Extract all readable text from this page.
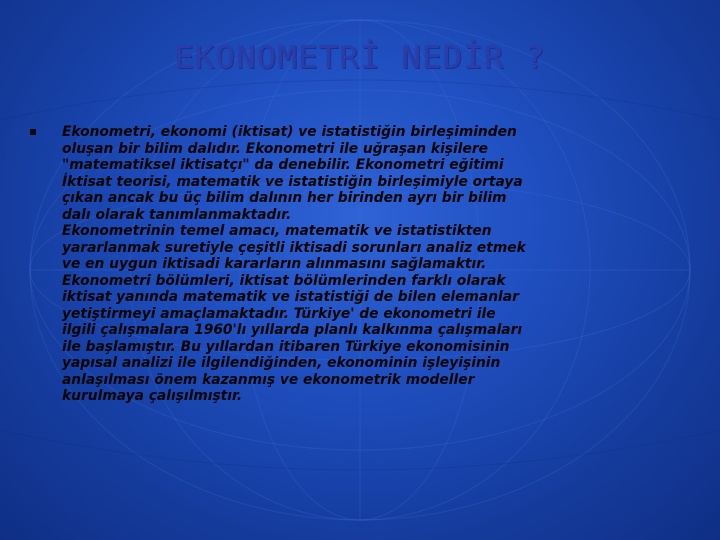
EKONOMETRİ NEDİR ?

Ekonometri, ekonomi (iktisat) ve istatistiğin birleşiminden
oluşan bir bilim dalıdır. Ekonometri ile uğraşan kişilere
"matematiksel iktisatçı" da denebilir. Ekonometri eğitimi
İktisat teorisi, matematik ve istatistiğin birleşimiyle ortaya
çıkan ancak bu üç bilim dalının her birinden ayrı bir bilim
dalı olarak tanımlanmaktadır.
Ekonometrinin temel amacı, matematik ve istatistikten
yararlanmak suretiyle çeşitli iktisadi sorunları analiz etmek
ve en uygun iktisadi kararların alınmasını sağlamaktır.
Ekonometri bölümleri, iktisat bölümlerinden farklı olarak
iktisat yanında matematik ve istatistiği de bilen elemanlar
yetiştirmeyi amaçlamaktadır. Türkiye' de ekonometri ile
ilgili çalışmalara 1960'lı yıllarda planlı kalkınma çalışmaları
ile başlamıştır. Bu yıllardan itibaren Türkiye ekonomisinin
yapısal analizi ile ilgilendiğinden, ekonominin işleyişinin
anlaşılması önem kazanmış ve ekonometrik modeller
kurulmaya çalışılmıştır.
